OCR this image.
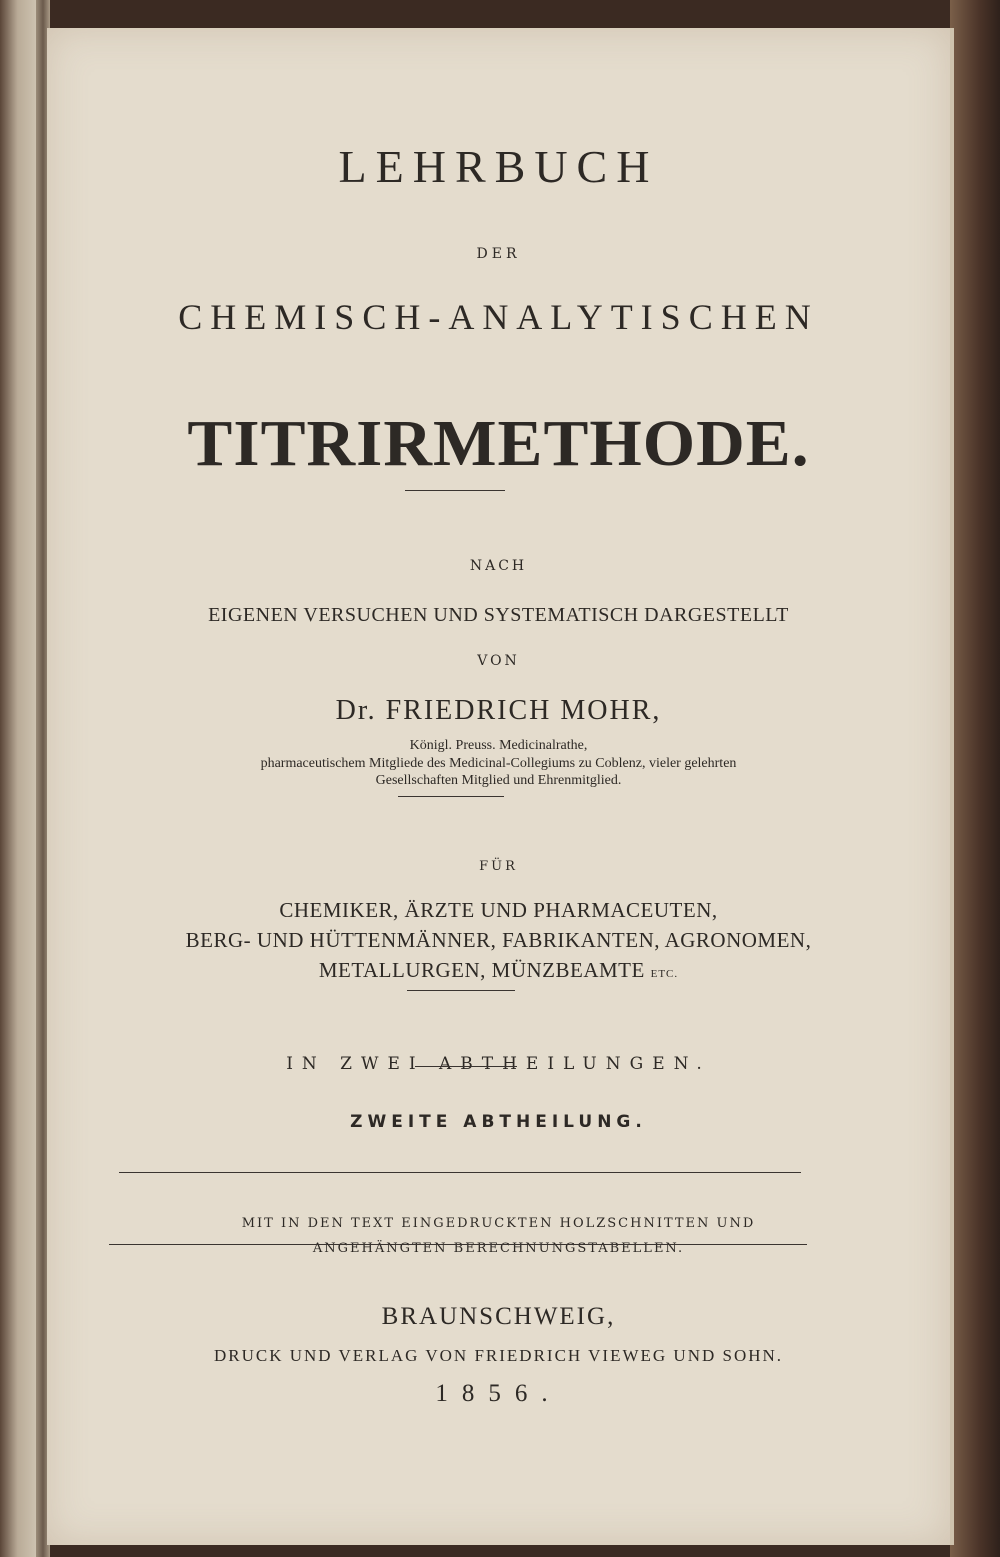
LEHRBUCH
DER
CHEMISCH-ANALYTISCHEN
TITRIRMETHODE.
NACH
EIGENEN VERSUCHEN UND SYSTEMATISCH DARGESTELLT
VON
Dr. FRIEDRICH MOHR,
Königl. Preuss. Medicinalrathe,
pharmaceutischem Mitgliede des Medicinal-Collegiums zu Coblenz, vieler gelehrten
Gesellschaften Mitglied und Ehrenmitglied.
FÜR
CHEMIKER, ÄRZTE UND PHARMACEUTEN,
BERG- UND HÜTTENMÄNNER, FABRIKANTEN, AGRONOMEN,
METALLURGEN, MÜNZBEAMTE ETC.
IN ZWEI ABTHEILUNGEN.
ZWEITE ABTHEILUNG.
MIT IN DEN TEXT EINGEDRUCKTEN HOLZSCHNITTEN UND
ANGEHÄNGTEN BERECHNUNGSTABELLEN.
BRAUNSCHWEIG,
DRUCK UND VERLAG VON FRIEDRICH VIEWEG UND SOHN.
1856.
